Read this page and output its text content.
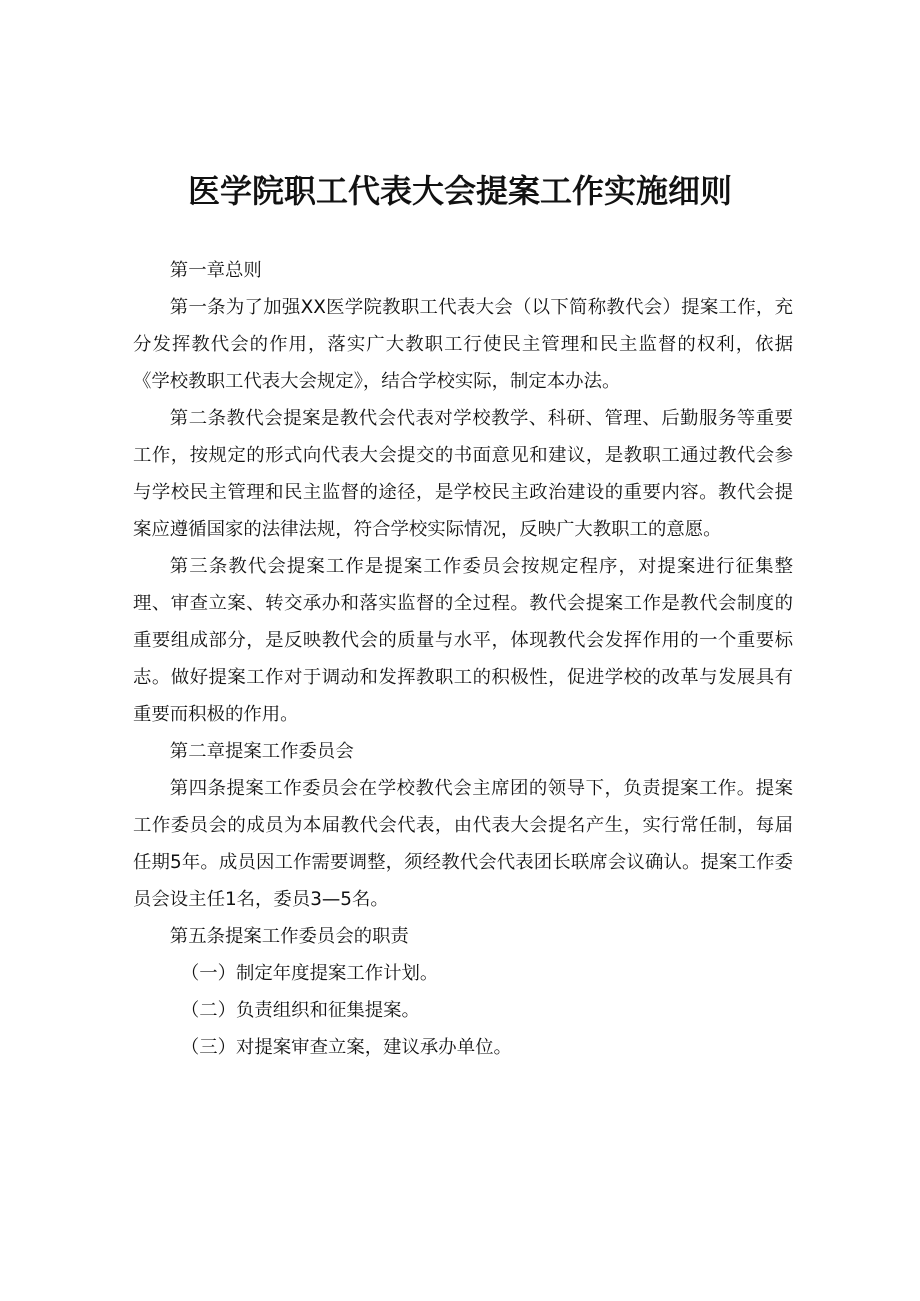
医学院职工代表大会提案工作实施细则

第一章总则

第一条为了加强XX医学院教职工代表大会（以下简称教代会）提案工作，充分发挥教代会的作用，落实广大教职工行使民主管理和民主监督的权利，依据《学校教职工代表大会规定》，结合学校实际，制定本办法。

第二条教代会提案是教代会代表对学校教学、科研、管理、后勤服务等重要工作，按规定的形式向代表大会提交的书面意见和建议，是教职工通过教代会参与学校民主管理和民主监督的途径，是学校民主政治建设的重要内容。教代会提案应遵循国家的法律法规，符合学校实际情况，反映广大教职工的意愿。

第三条教代会提案工作是提案工作委员会按规定程序，对提案进行征集整理、审查立案、转交承办和落实监督的全过程。教代会提案工作是教代会制度的重要组成部分，是反映教代会的质量与水平，体现教代会发挥作用的一个重要标志。做好提案工作对于调动和发挥教职工的积极性，促进学校的改革与发展具有重要而积极的作用。

第二章提案工作委员会

第四条提案工作委员会在学校教代会主席团的领导下，负责提案工作。提案工作委员会的成员为本届教代会代表，由代表大会提名产生，实行常任制，每届任期5年。成员因工作需要调整，须经教代会代表团长联席会议确认。提案工作委员会设主任1名，委员3—5名。

第五条提案工作委员会的职责

（一）制定年度提案工作计划。

（二）负责组织和征集提案。

（三）对提案审查立案，建议承办单位。
